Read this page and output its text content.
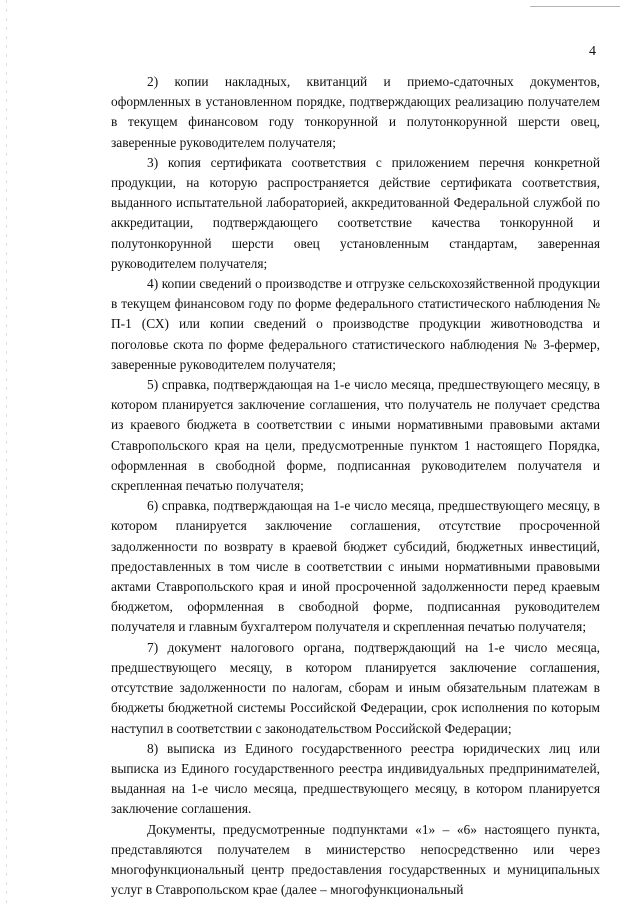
4

2) копии накладных, квитанций и приемо-сдаточных документов, оформленных в установленном порядке, подтверждающих реализацию получателем в текущем финансовом году тонкорунной и полутонкорунной шерсти овец, заверенные руководителем получателя;

3) копия сертификата соответствия с приложением перечня конкретной продукции, на которую распространяется действие сертификата соответствия, выданного испытательной лабораторией, аккредитованной Федеральной службой по аккредитации, подтверждающего соответствие качества тонкорунной и полутонкорунной шерсти овец установленным стандартам, заверенная руководителем получателя;

4) копии сведений о производстве и отгрузке сельскохозяйственной продукции в текущем финансовом году по форме федерального статистического наблюдения № П-1 (СХ) или копии сведений о производстве продукции животноводства и поголовье скота по форме федерального статистического наблюдения № 3-фермер, заверенные руководителем получателя;

5) справка, подтверждающая на 1-е число месяца, предшествующего месяцу, в котором планируется заключение соглашения, что получатель не получает средства из краевого бюджета в соответствии с иными нормативными правовыми актами Ставропольского края на цели, предусмотренные пунктом 1 настоящего Порядка, оформленная в свободной форме, подписанная руководителем получателя и скрепленная печатью получателя;

6) справка, подтверждающая на 1-е число месяца, предшествующего месяцу, в котором планируется заключение соглашения, отсутствие просроченной задолженности по возврату в краевой бюджет субсидий, бюджетных инвестиций, предоставленных в том числе в соответствии с иными нормативными правовыми актами Ставропольского края и иной просроченной задолженности перед краевым бюджетом, оформленная в свободной форме, подписанная руководителем получателя и главным бухгалтером получателя и скрепленная печатью получателя;

7) документ налогового органа, подтверждающий на 1-е число месяца, предшествующего месяцу, в котором планируется заключение соглашения, отсутствие задолженности по налогам, сборам и иным обязательным платежам в бюджеты бюджетной системы Российской Федерации, срок исполнения по которым наступил в соответствии с законодательством Российской Федерации;

8) выписка из Единого государственного реестра юридических лиц или выписка из Единого государственного реестра индивидуальных предпринимателей, выданная на 1-е число месяца, предшествующего месяцу, в котором планируется заключение соглашения.

Документы, предусмотренные подпунктами «1» – «6» настоящего пункта, представляются получателем в министерство непосредственно или через многофункциональный центр предоставления государственных и муниципальных услуг в Ставропольском крае (далее – многофункциональный
